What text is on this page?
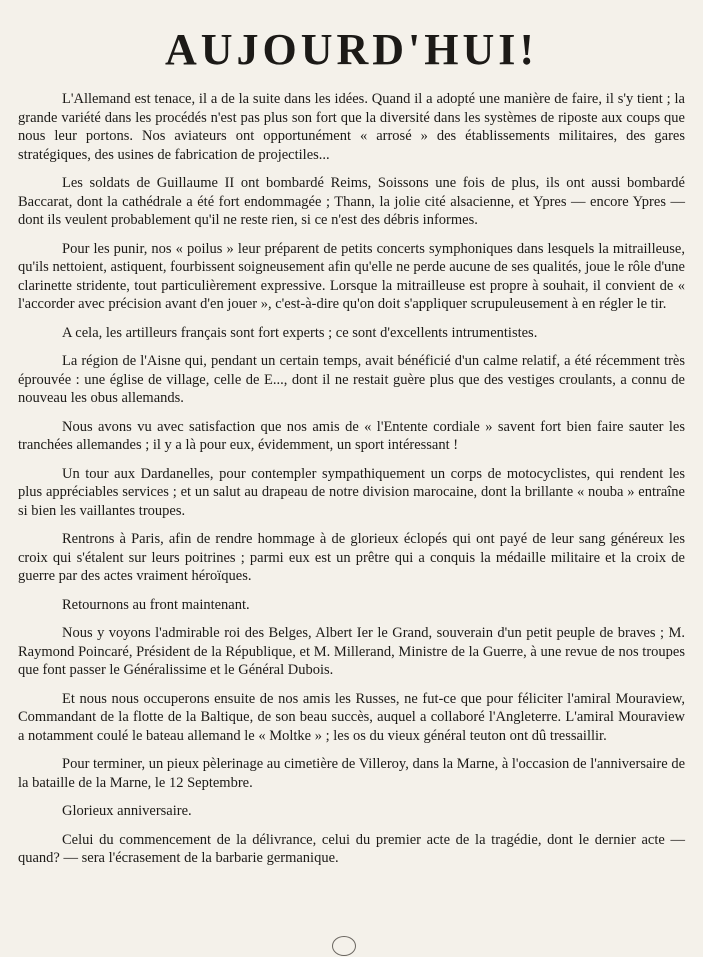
AUJOURD'HUI!

L'Allemand est tenace, il a de la suite dans les idées. Quand il a adopté une manière de faire, il s'y tient ; la grande variété dans les procédés n'est pas plus son fort que la diversité dans les systèmes de riposte aux coups que nous leur portons. Nos aviateurs ont opportunément « arrosé » des établissements militaires, des gares stratégiques, des usines de fabrication de projectiles...

Les soldats de Guillaume II ont bombardé Reims, Soissons une fois de plus, ils ont aussi bombardé Baccarat, dont la cathédrale a été fort endommagée ; Thann, la jolie cité alsacienne, et Ypres — encore Ypres — dont ils veulent probablement qu'il ne reste rien, si ce n'est des débris informes.

Pour les punir, nos « poilus » leur préparent de petits concerts symphoniques dans lesquels la mitrailleuse, qu'ils nettoient, astiquent, fourbissent soigneusement afin qu'elle ne perde aucune de ses qualités, joue le rôle d'une clarinette stridente, tout particulièrement expressive. Lorsque la mitrailleuse est propre à souhait, il convient de « l'accorder avec précision avant d'en jouer », c'est-à-dire qu'on doit s'appliquer scrupuleusement à en régler le tir.

A cela, les artilleurs français sont fort experts ; ce sont d'excellents intrumentistes.

La région de l'Aisne qui, pendant un certain temps, avait bénéficié d'un calme relatif, a été récemment très éprouvée : une église de village, celle de E..., dont il ne restait guère plus que des vestiges croulants, a connu de nouveau les obus allemands.

Nous avons vu avec satisfaction que nos amis de « l'Entente cordiale » savent fort bien faire sauter les tranchées allemandes ; il y a là pour eux, évidemment, un sport intéressant !

Un tour aux Dardanelles, pour contempler sympathiquement un corps de motocyclistes, qui rendent les plus appréciables services ; et un salut au drapeau de notre division marocaine, dont la brillante « nouba » entraîne si bien les vaillantes troupes.

Rentrons à Paris, afin de rendre hommage à de glorieux éclopés qui ont payé de leur sang généreux les croix qui s'étalent sur leurs poitrines ; parmi eux est un prêtre qui a conquis la médaille militaire et la croix de guerre par des actes vraiment héroïques.

Retournons au front maintenant.

Nous y voyons l'admirable roi des Belges, Albert Ier le Grand, souverain d'un petit peuple de braves ; M. Raymond Poincaré, Président de la République, et M. Millerand, Ministre de la Guerre, à une revue de nos troupes que font passer le Généralissime et le Général Dubois.

Et nous nous occuperons ensuite de nos amis les Russes, ne fut-ce que pour féliciter l'amiral Mouraview, Commandant de la flotte de la Baltique, de son beau succès, auquel a collaboré l'Angleterre. L'amiral Mouraview a notamment coulé le bateau allemand le « Moltke » ; les os du vieux général teuton ont dû tressaillir.

Pour terminer, un pieux pèlerinage au cimetière de Villeroy, dans la Marne, à l'occasion de l'anniversaire de la bataille de la Marne, le 12 Septembre.

Glorieux anniversaire.

Celui du commencement de la délivrance, celui du premier acte de la tragédie, dont le dernier acte — quand? — sera l'écrasement de la barbarie germanique.
